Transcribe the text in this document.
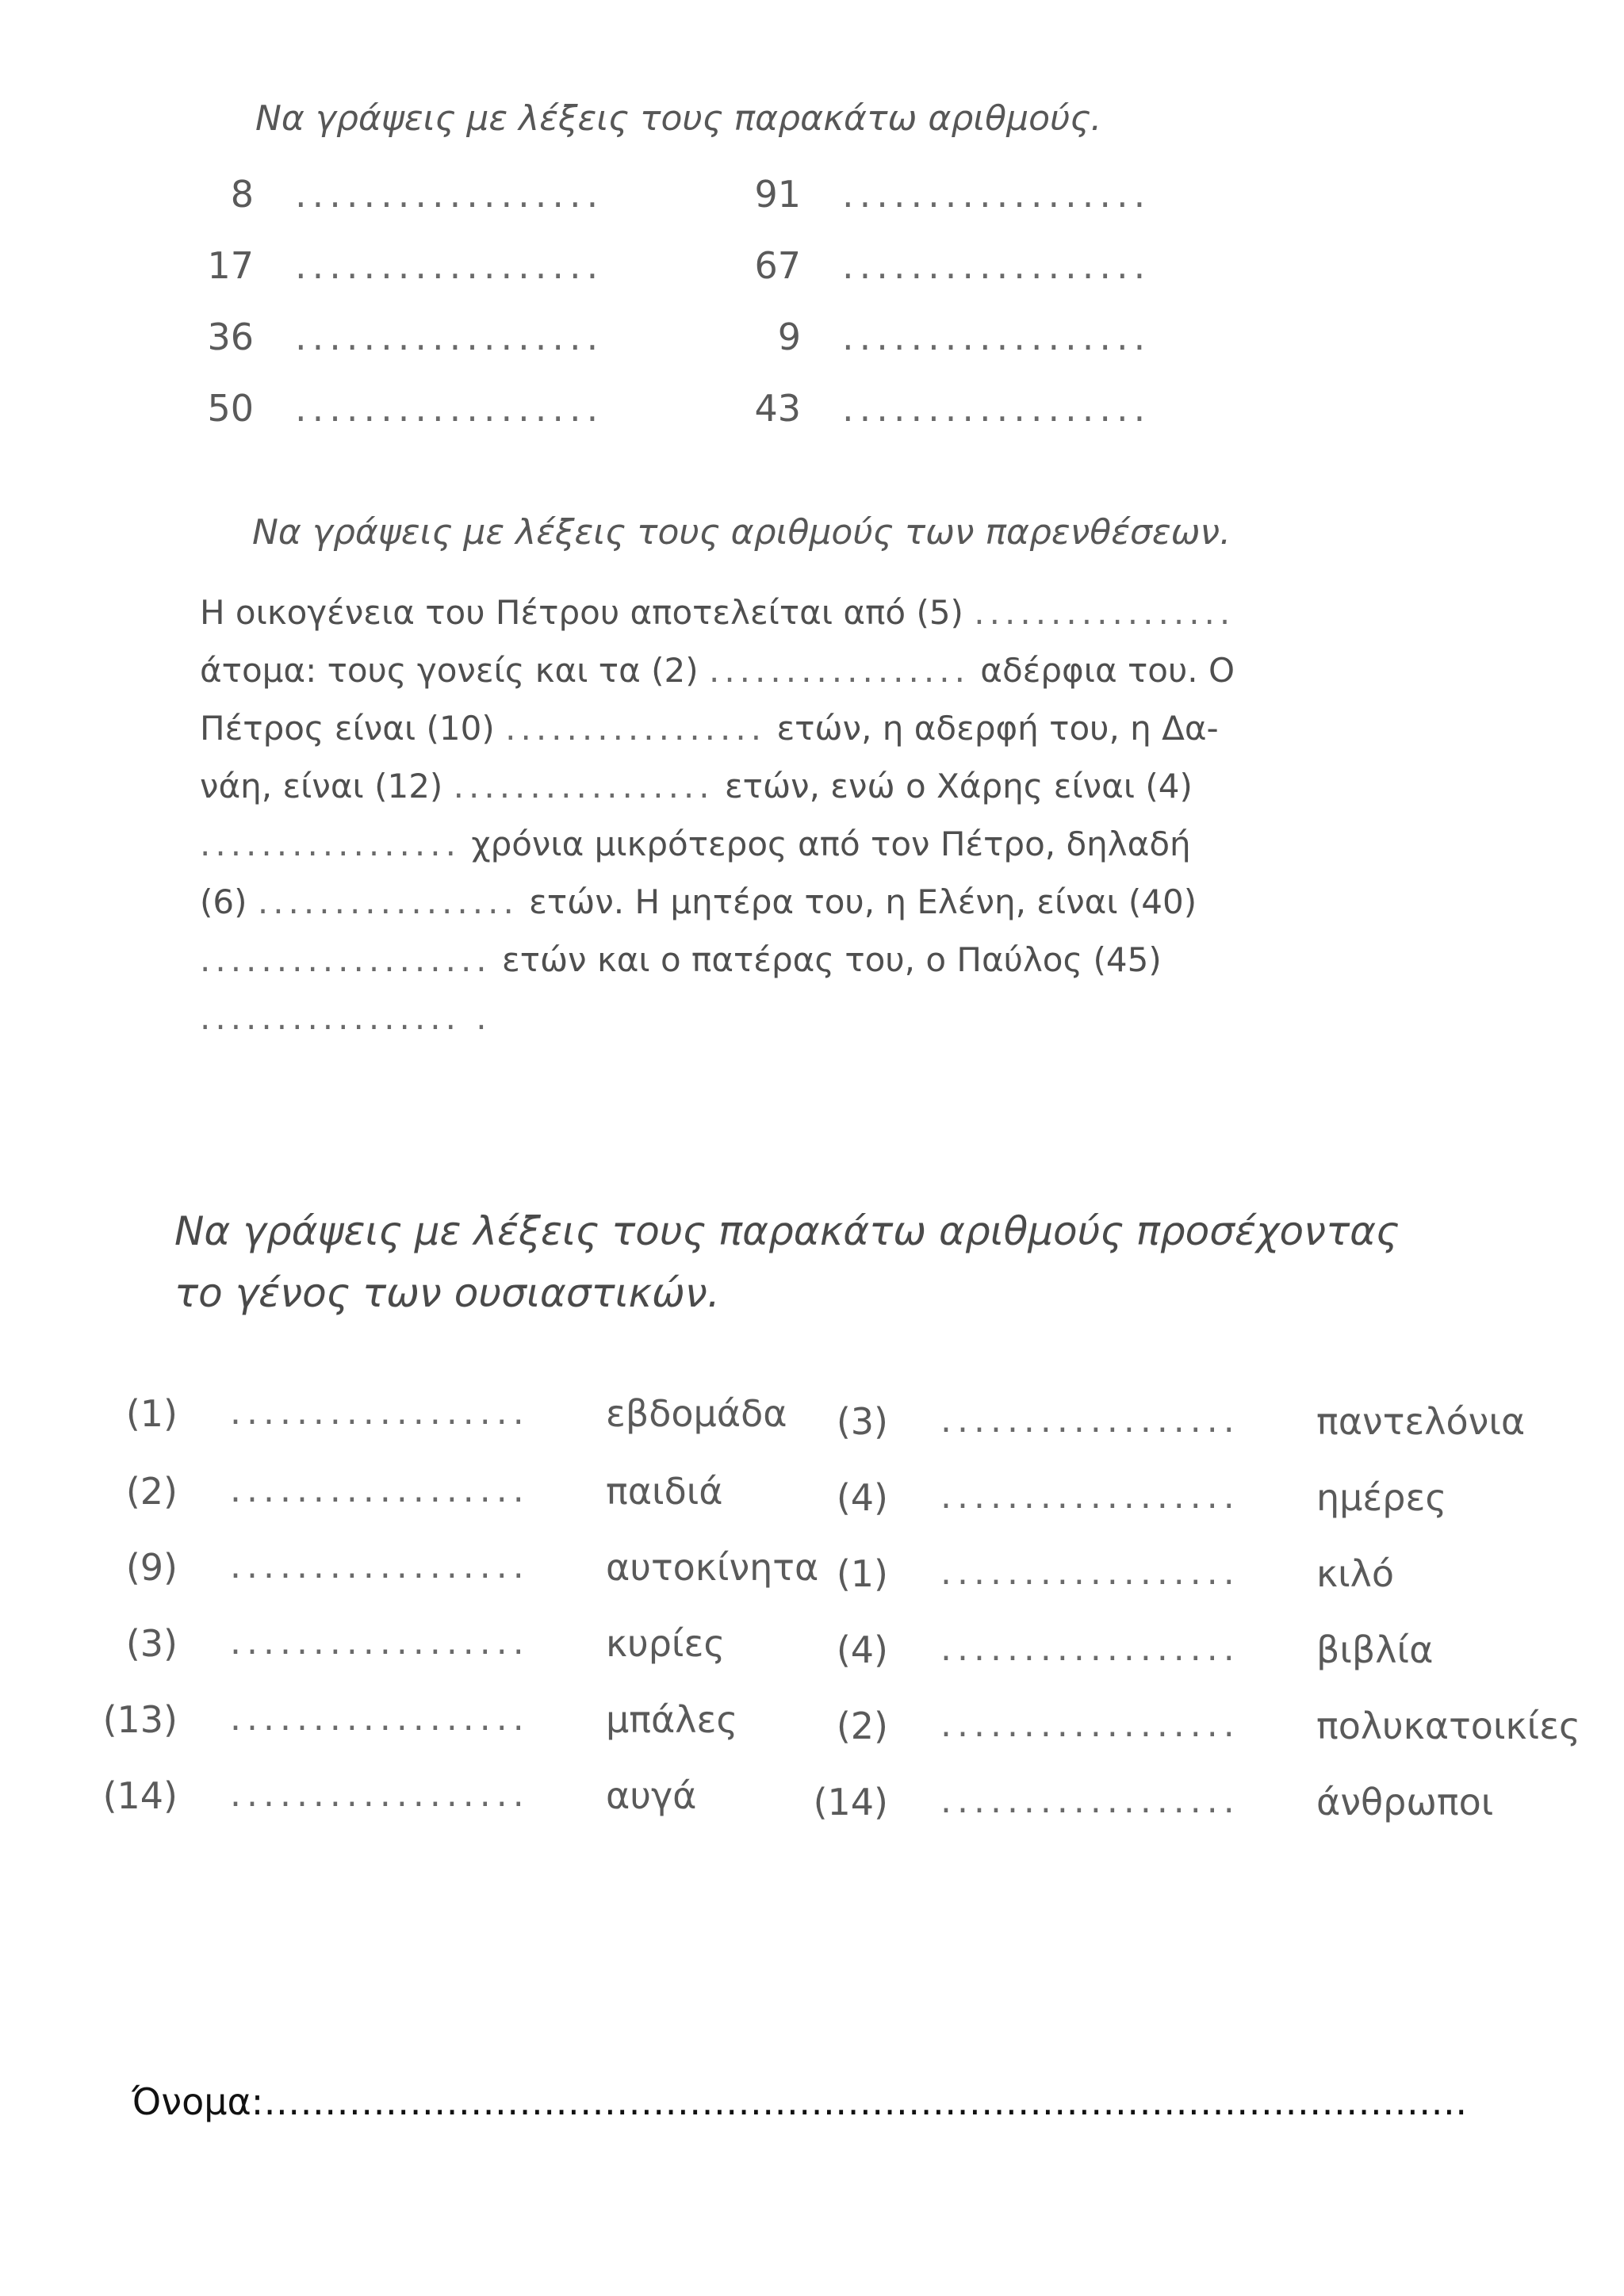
Να γράψεις με λέξεις τους παρακάτω αριθμούς.
8 ..................
17 ..................
36 ..................
50 ..................
91 ..................
67 ..................
9 ..................
43 ..................
Να γράψεις με λέξεις τους αριθμούς των παρενθέσεων.
Η οικογένεια του Πέτρου αποτελείται από (5) .................
άτομα: τους γονείς και τα (2) ................. αδέρφια του. Ο
Πέτρος είναι (10) ................. ετών, η αδερφή του, η Δα-
νάη, είναι (12) ................. ετών, ενώ ο Χάρης είναι (4)
................. χρόνια μικρότερος από τον Πέτρο, δηλαδή
(6) ................. ετών. Η μητέρα του, η Ελένη, είναι (40)
................... ετών και ο πατέρας του, ο Παύλος (45)
................. .
Να γράψεις με λέξεις τους παρακάτω αριθμούς προσέχοντας το γένος των ουσιαστικών.
(1) .................. εβδομάδα
(2) .................. παιδιά
(9) .................. αυτοκίνητα
(3) .................. κυρίες
(13) .................. μπάλες
(14) .................. αυγά
(3) .................. παντελόνια
(4) .................. ημέρες
(1) .................. κιλό
(4) .................. βιβλία
(2) .................. πολυκατοικίες
(14) .................. άνθρωποι
Όνομα:………………………………………………………………………………………
